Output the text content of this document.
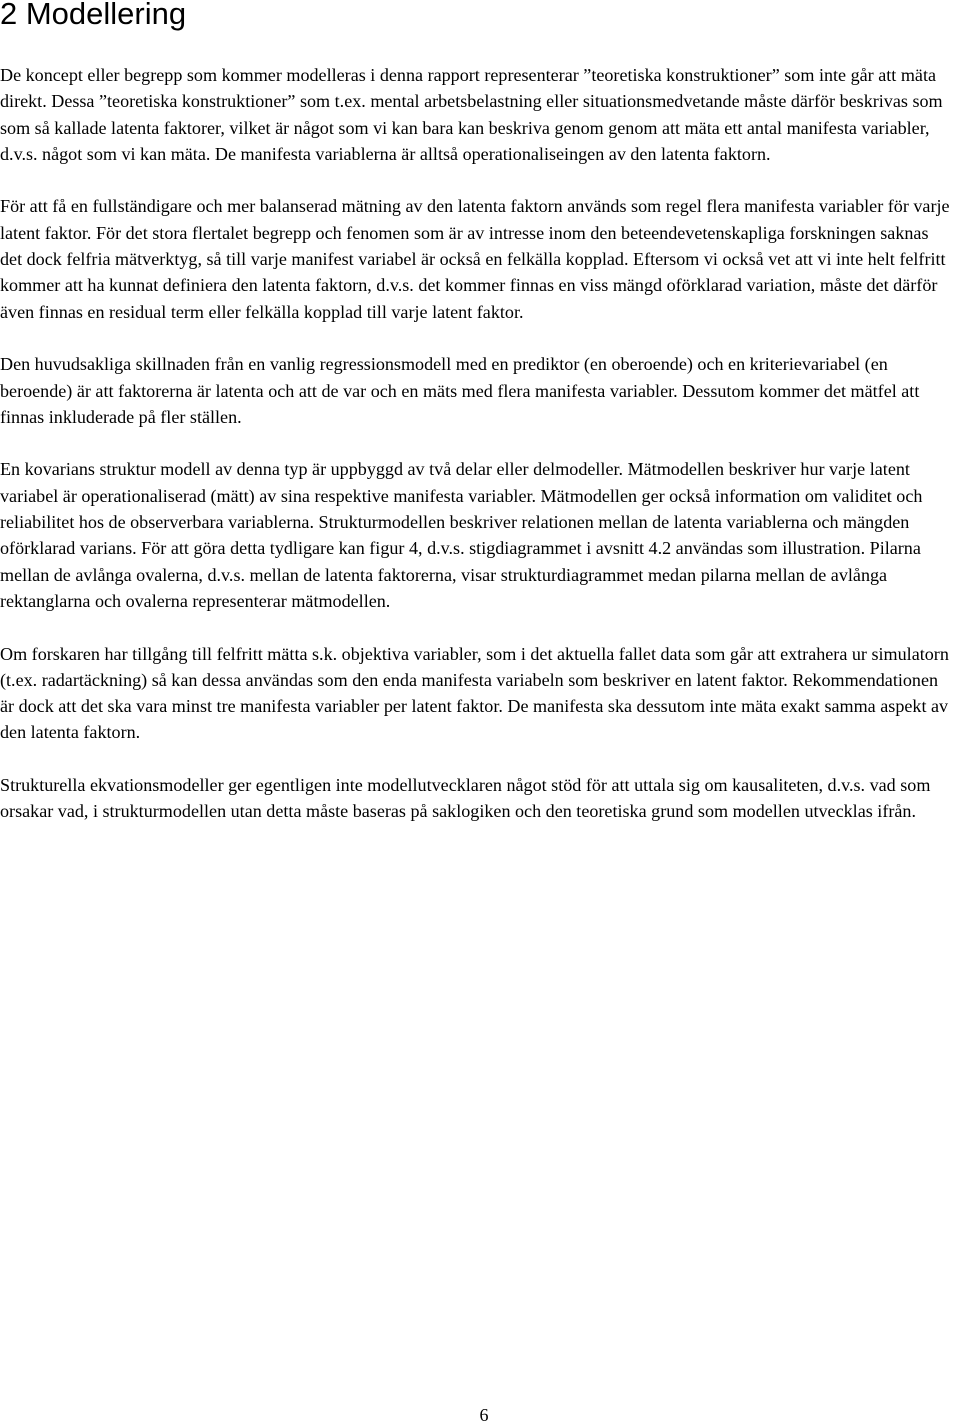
2 Modellering

De koncept eller begrepp som kommer modelleras i denna rapport representerar ”teoretiska konstruktioner” som inte går att mäta direkt. Dessa ”teoretiska konstruktioner” som t.ex. mental arbetsbelastning eller situationsmedvetande måste därför beskrivas som som så kallade latenta faktorer, vilket är något som vi kan bara kan beskriva genom genom att mäta ett antal manifesta variabler, d.v.s. något som vi kan mäta. De manifesta variablerna är alltså operationaliseingen av den latenta faktorn.

För att få en fullständigare och mer balanserad mätning av den latenta faktorn används som regel flera manifesta variabler för varje latent faktor. För det stora flertalet begrepp och fenomen som är av intresse inom den beteendevetenskapliga forskningen saknas det dock felfria mätverktyg, så till varje manifest variabel är också en felkälla kopplad. Eftersom vi också vet att vi inte helt felfritt kommer att ha kunnat definiera den latenta faktorn, d.v.s. det kommer finnas en viss mängd oförklarad variation, måste det därför även finnas en residual term eller felkälla kopplad till varje latent faktor.

Den huvudsakliga skillnaden från en vanlig regressionsmodell med en prediktor (en oberoende) och en kriterievariabel (en beroende) är att faktorerna är latenta och att de var och en mäts med flera manifesta variabler. Dessutom kommer det mätfel att finnas inkluderade på fler ställen.

En kovarians struktur modell av denna typ är uppbyggd av två delar eller delmodeller. Mätmodellen beskriver hur varje latent variabel är operationaliserad (mätt) av sina respektive manifesta variabler. Mätmodellen ger också information om validitet och reliabilitet hos de observerbara variablerna. Strukturmodellen beskriver relationen mellan de latenta variablerna och mängden oförklarad varians. För att göra detta tydligare kan figur 4, d.v.s. stigdiagrammet i avsnitt 4.2 användas som illustration. Pilarna mellan de avlånga ovalerna, d.v.s. mellan de latenta faktorerna, visar strukturdiagrammet medan pilarna mellan de avlånga rektanglarna och ovalerna representerar mätmodellen.

Om forskaren har tillgång till felfritt mätta s.k. objektiva variabler, som i det aktuella fallet data som går att extrahera ur simulatorn (t.ex. radartäckning) så kan dessa användas som den enda manifesta variabeln som beskriver en latent faktor. Rekommendationen är dock att det ska vara minst tre manifesta variabler per latent faktor. De manifesta ska dessutom inte mäta exakt samma aspekt av den latenta faktorn.

Strukturella ekvationsmodeller ger egentligen inte modellutvecklaren något stöd för att uttala sig om kausaliteten, d.v.s. vad som orsakar vad, i strukturmodellen utan detta måste baseras på saklogiken och den teoretiska grund som modellen utvecklas ifrån.

6
